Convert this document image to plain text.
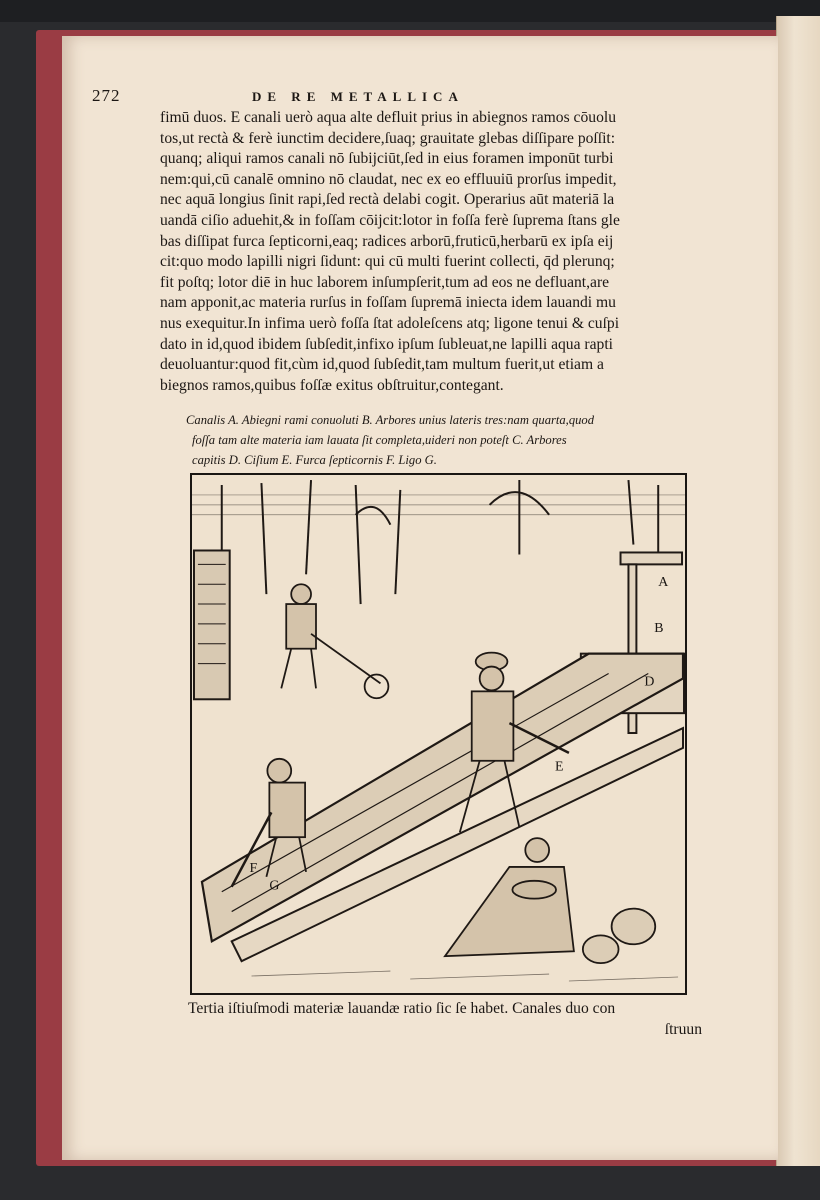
272	DE RE METALLICA
fimū duos. E canali uerò aqua alte defluit prius in abiegnos ramos cōuolu
tos,ut rectà & ferè iunctim decidere,ſuaq; grauitate glebas diſſipare poſſit:
quanq; aliqui ramos canali nō ſubijciūt,ſed in eius foramen imponūt turbi
nem:qui,cū canalē omnino nō claudat, nec ex eo effluuiū prorſus impedit,
nec aquā longius ſinit rapi,ſed rectà delabi cogit. Operarius aūt materiā la
uandā ciſio aduehit,& in foſſam cōijcit:lotor in foſſa ferè ſuprema ſtans gle
bas diſſipat furca ſepticorni,eaq; radices arborū,fruticū,herbarū ex ipſa eij
cit:quo modo lapilli nigri ſidunt: qui cū multi fuerint collecti, q̄d plerunq;
fit poſtq; lotor diē in huc laborem inſumpſerit,tum ad eos ne defluant,are
nam apponit,ac materia rurſus in foſſam ſupremā iniecta idem lauandi mu
nus exequitur.In infima uerò foſſa ſtat adoleſcens atq; ligone tenui & cuſpi
dato in id,quod ibidem ſubſedit,infixo ipſum ſubleuat,ne lapilli aqua rapti
deuoluantur:quod fit,cùm id,quod ſubſedit,tam multum fuerit,ut etiam a
biegnos ramos,quibus foſſæ exitus obſtruitur,contegant.
Canalis A. Abiegni rami conuoluti B. Arbores unius lateris tres:nam quarta,quod
foſſa tam alte materia iam lauata ſit completa,uideri non poteſt C. Arbores
capitis D. Ciſium E. Furca ſepticornis F. Ligo G.
A
B
D
E
F
G
Tertia iſtiuſmodi materiæ lauandæ ratio ſic ſe habet. Canales duo con
ſtruun
